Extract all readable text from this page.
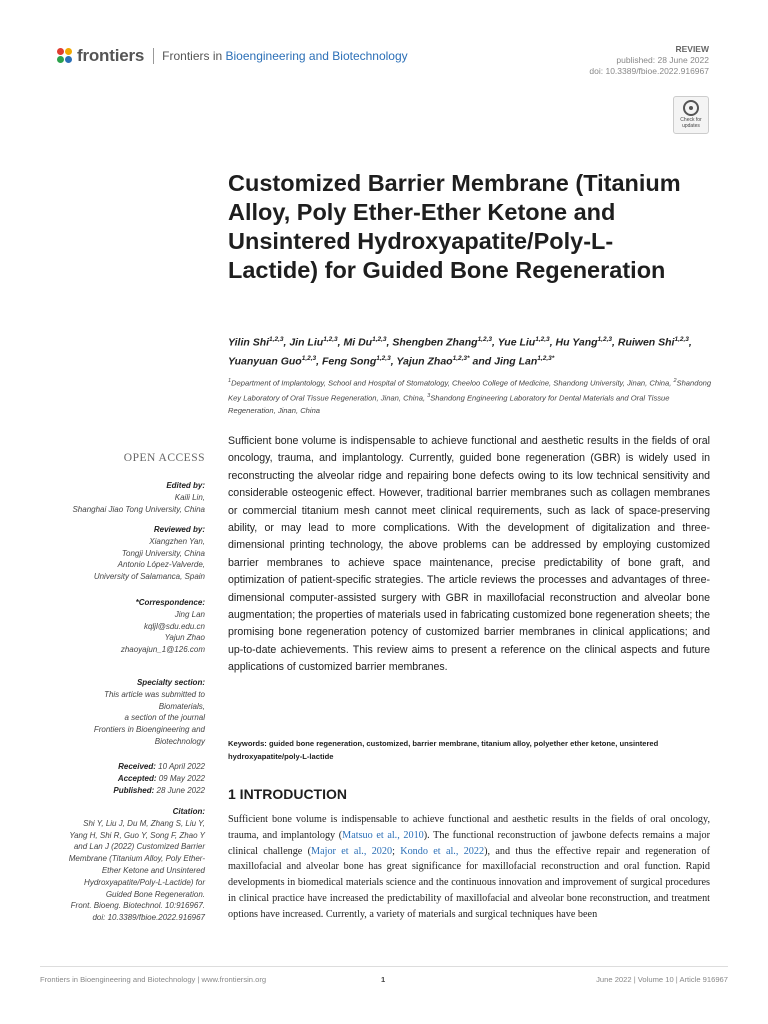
frontiers Frontiers in Bioengineering and Biotechnology	REVIEW
published: 28 June 2022
doi: 10.3389/fbioe.2022.916967
Check for updates
Customized Barrier Membrane (Titanium Alloy, Poly Ether-Ether Ketone and Unsintered Hydroxyapatite/Poly-L-Lactide) for Guided Bone Regeneration
Yilin Shi$^{1,2,3}$, Jin Liu$^{1,2,3}$, Mi Du$^{1,2,3}$, Shengben Zhang$^{1,2,3}$, Yue Liu$^{1,2,3}$, Hu Yang$^{1,2,3}$, Ruiwen Shi$^{1,2,3}$, Yuanyuan Guo$^{1,2,3}$, Feng Song$^{1,2,3}$, Yajun Zhao$^{1,2,3*}$ and Jing Lan$^{1,2,3*}$
$^1$Department of Implantology, School and Hospital of Stomatology, Cheeloo College of Medicine, Shandong University, Jinan, China, $^2$Shandong Key Laboratory of Oral Tissue Regeneration, Jinan, China, $^3$Shandong Engineering Laboratory for Dental Materials and Oral Tissue Regeneration, Jinan, China
OPEN ACCESS
Edited by:
Kaili Lin,
Shanghai Jiao Tong University, China
Reviewed by:
Xiangzhen Yan,
Tongji University, China
Antonio López-Valverde,
University of Salamanca, Spain
*Correspondence:
Jing Lan
kqljl@sdu.edu.cn
Yajun Zhao
zhaoyajun_1@126.com
Specialty section:
This article was submitted to
Biomaterials,
a section of the journal
Frontiers in Bioengineering and
Biotechnology
Received: 10 April 2022
Accepted: 09 May 2022
Published: 28 June 2022
Citation:
Shi Y, Liu J, Du M, Zhang S, Liu Y,
Yang H, Shi R, Guo Y, Song F, Zhao Y
and Lan J (2022) Customized Barrier
Membrane (Titanium Alloy, Poly Ether-
Ether Ketone and Unsintered
Hydroxyapatite/Poly-L-Lactide) for
Guided Bone Regeneration.
Front. Bioeng. Biotechnol. 10:916967.
doi: 10.3389/fbioe.2022.916967

Sufficient bone volume is indispensable to achieve functional and aesthetic results in the fields of oral oncology, trauma, and implantology. Currently, guided bone regeneration (GBR) is widely used in reconstructing the alveolar ridge and repairing bone defects owing to its low technical sensitivity and considerable osteogenic effect. However, traditional barrier membranes such as collagen membranes or commercial titanium mesh cannot meet clinical requirements, such as lack of space-preserving ability, or may lead to more complications. With the development of digitalization and three-dimensional printing technology, the above problems can be addressed by employing customized barrier membranes to achieve space maintenance, precise predictability of bone graft, and optimization of patient-specific strategies. The article reviews the processes and advantages of three-dimensional computer-assisted surgery with GBR in maxillofacial reconstruction and alveolar bone augmentation; the properties of materials used in fabricating customized bone regeneration sheets; the promising bone regeneration potency of customized barrier membranes in clinical applications; and up-to-date achievements. This review aims to present a reference on the clinical aspects and future applications of customized barrier membranes.

Keywords: guided bone regeneration, customized, barrier membrane, titanium alloy, polyether ether ketone, unsintered hydroxyapatite/poly-L-lactide
1 INTRODUCTION

Sufficient bone volume is indispensable to achieve functional and aesthetic results in the fields of oral oncology, trauma, and implantology (Matsuo et al., 2010). The functional reconstruction of jawbone defects remains a major clinical challenge (Major et al., 2020; Kondo et al., 2022), and thus the effective repair and regeneration of maxillofacial and alveolar bone has great significance for maxillofacial reconstruction and oral function. Rapid developments in biomedical materials science and the continuous innovation and improvement of surgical procedures in clinical practice have increased the predictability of maxillofacial and alveolar bone reconstruction, and treatment options have increased. Currently, a variety of materials and surgical techniques have been

Frontiers in Bioengineering and Biotechnology | www.frontiersin.org	1	June 2022 | Volume 10 | Article 916967
